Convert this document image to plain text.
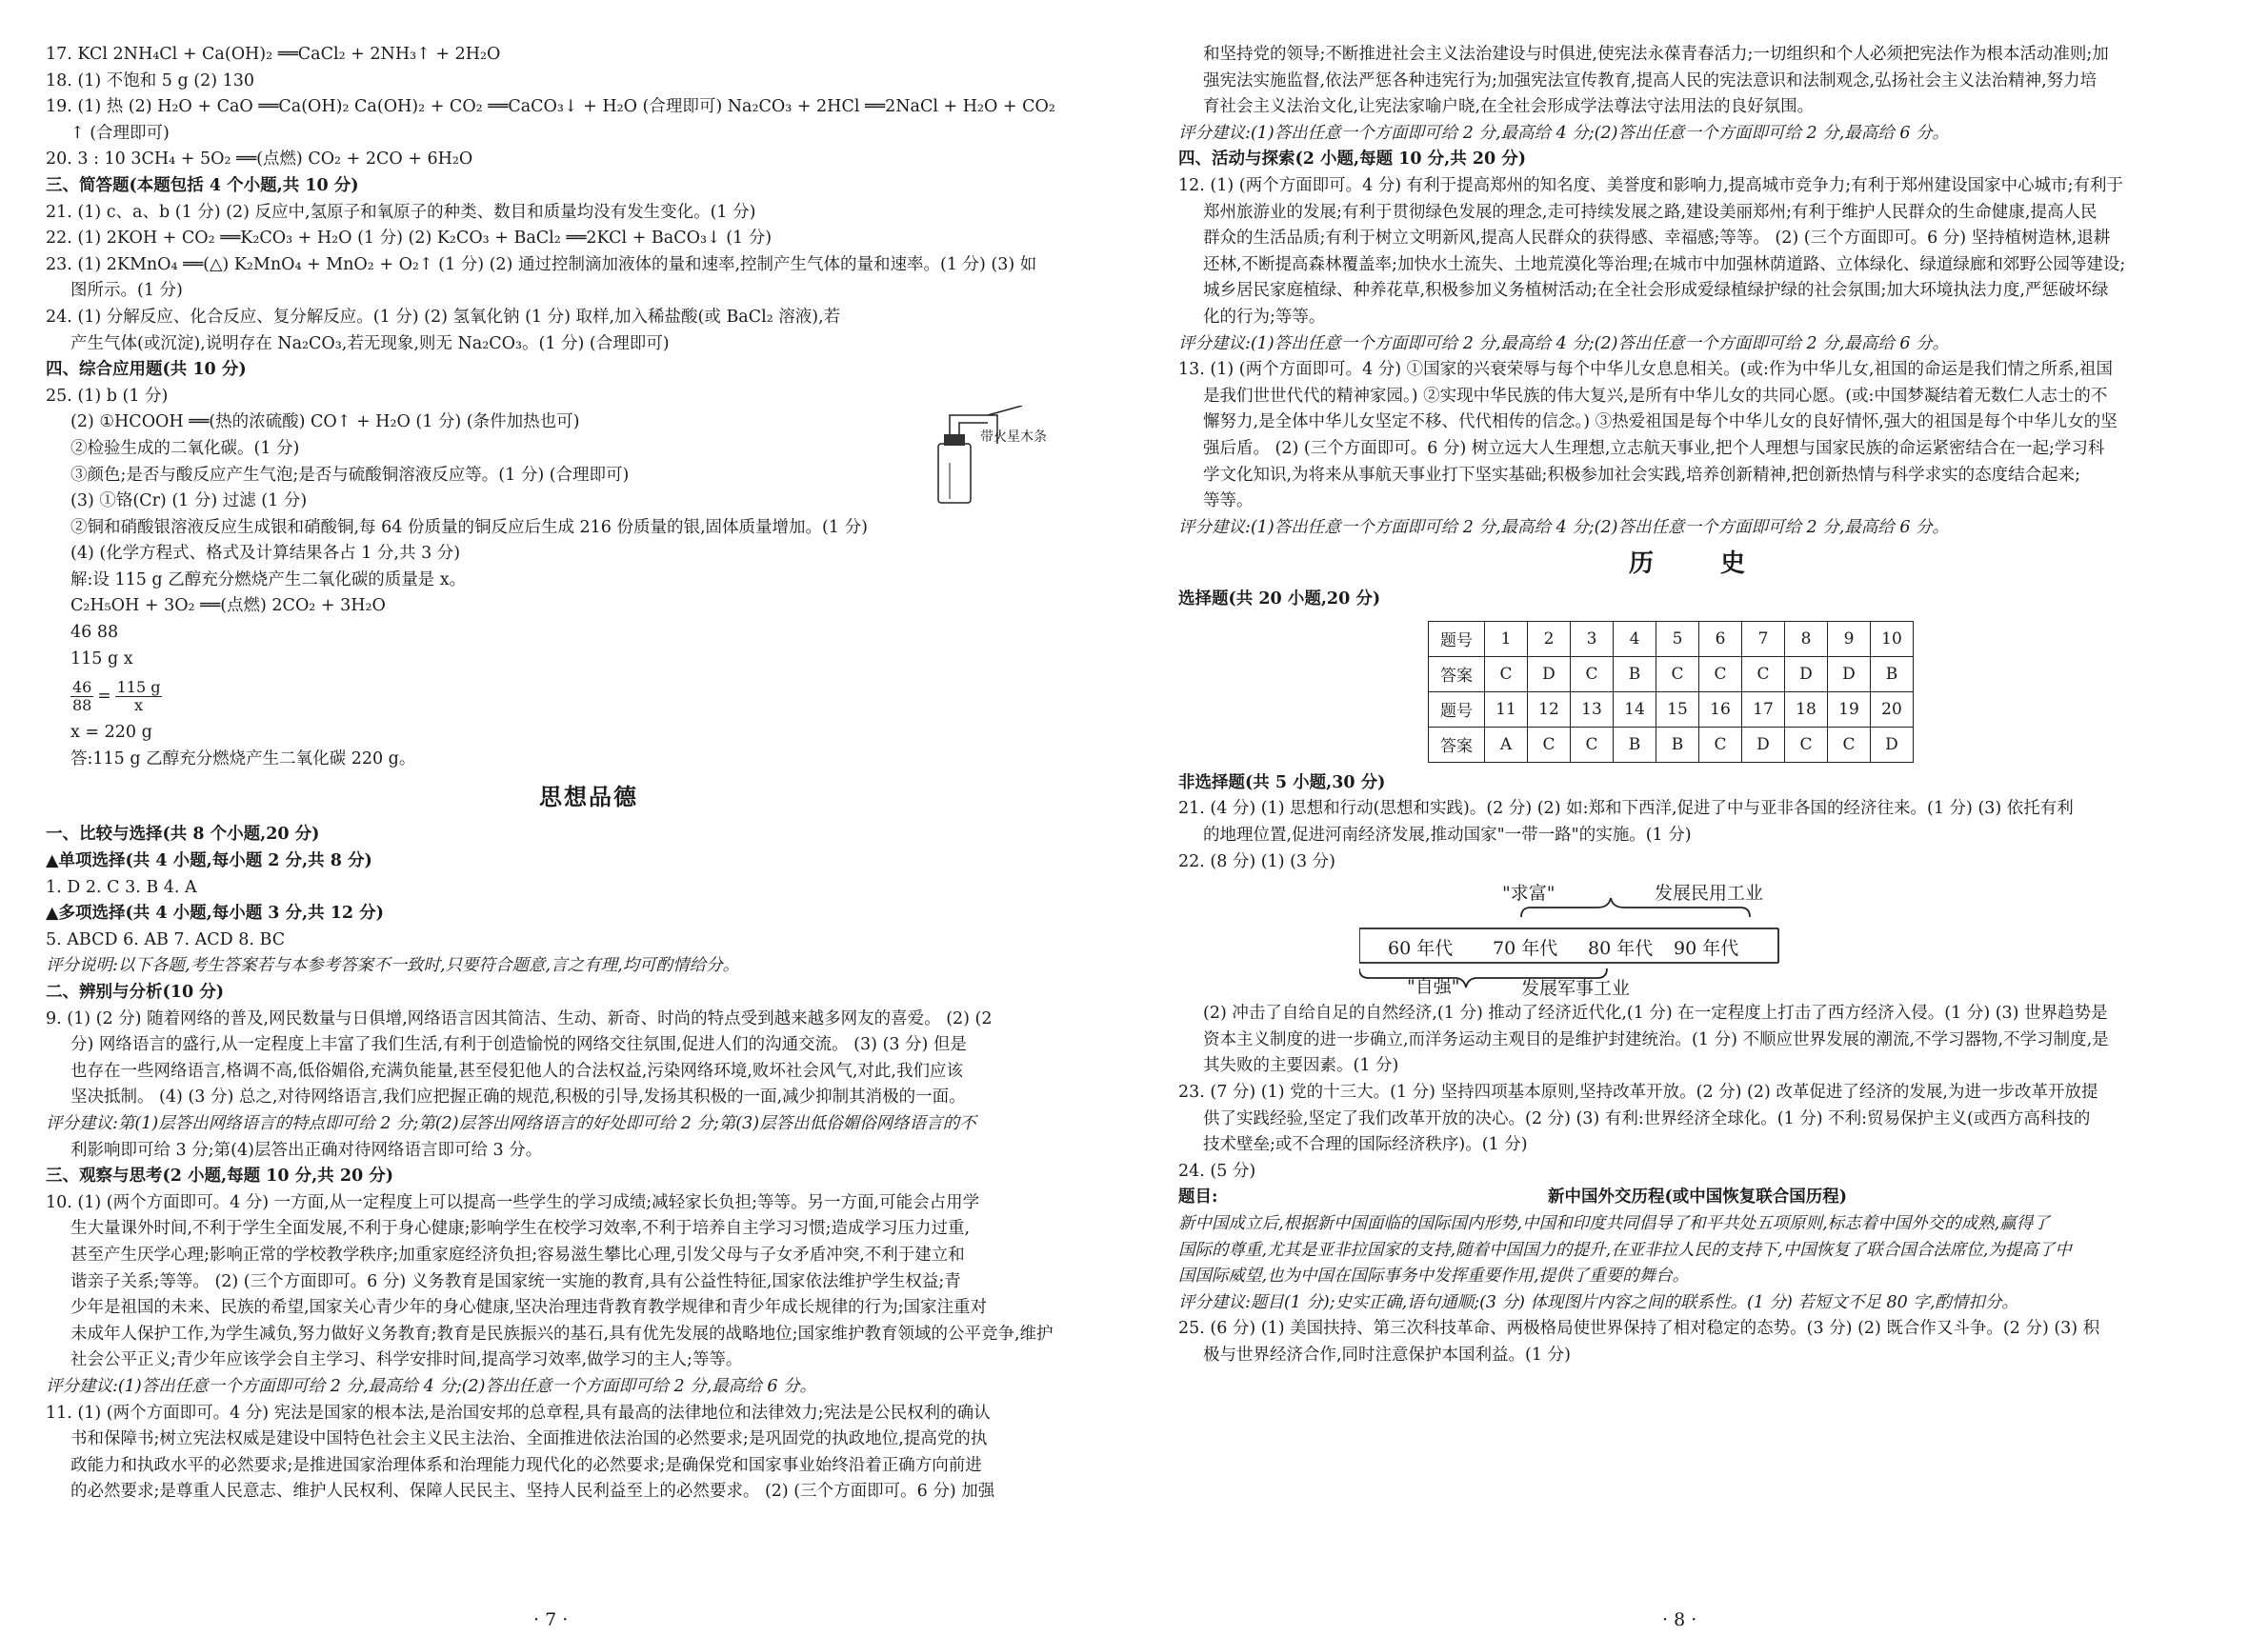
17. KCl 2NH₄Cl + Ca(OH)₂ ══CaCl₂ + 2NH₃↑ + 2H₂O
18. (1) 不饱和 5 g (2) 130
19. (1) 热 (2) H₂O + CaO ══Ca(OH)₂ Ca(OH)₂ + CO₂ ══CaCO₃↓ + H₂O (合理即可) Na₂CO₃ + 2HCl ══2NaCl + H₂O + CO₂
↑ (合理即可)
20. 3 : 10 3CH₄ + 5O₂ ══(点燃) CO₂ + 2CO + 6H₂O
三、简答题(本题包括 4 个小题,共 10 分)
21. (1) c、a、b (1 分) (2) 反应中,氢原子和氧原子的种类、数目和质量均没有发生变化。(1 分)
22. (1) 2KOH + CO₂ ══K₂CO₃ + H₂O (1 分) (2) K₂CO₃ + BaCl₂ ══2KCl + BaCO₃↓ (1 分)
23. (1) 2KMnO₄ ══(△) K₂MnO₄ + MnO₂ + O₂↑ (1 分) (2) 通过控制滴加液体的量和速率,控制产生气体的量和速率。(1 分) (3) 如
图所示。(1 分)
24. (1) 分解反应、化合反应、复分解反应。(1 分) (2) 氢氧化钠 (1 分) 取样,加入稀盐酸(或 BaCl₂ 溶液),若
产生气体(或沉淀),说明存在 Na₂CO₃,若无现象,则无 Na₂CO₃。(1 分) (合理即可)
四、综合应用题(共 10 分)
25. (1) b (1 分)
(2) ①HCOOH ══(热的浓硫酸) CO↑ + H₂O (1 分) (条件加热也可)
②检验生成的二氧化碳。(1 分)
③颜色;是否与酸反应产生气泡;是否与硫酸铜溶液反应等。(1 分) (合理即可)
(3) ①铬(Cr) (1 分) 过滤 (1 分)
②铜和硝酸银溶液反应生成银和硝酸铜,每 64 份质量的铜反应后生成 216 份质量的银,固体质量增加。(1 分)
(4) (化学方程式、格式及计算结果各占 1 分,共 3 分)
解:设 115 g 乙醇充分燃烧产生二氧化碳的质量是 x。
C₂H₅OH + 3O₂ ══(点燃) 2CO₂ + 3H₂O
46 88
115 g x
$\frac{46}{88} = \frac{115 g}{x}$
x = 220 g
答:115 g 乙醇充分燃烧产生二氧化碳 220 g。
思想品德
一、比较与选择(共 8 个小题,20 分)
▲单项选择(共 4 小题,每小题 2 分,共 8 分)
1. D 2. C 3. B 4. A
▲多项选择(共 4 小题,每小题 3 分,共 12 分)
5. ABCD 6. AB 7. ACD 8. BC
评分说明:以下各题,考生答案若与本参考答案不一致时,只要符合题意,言之有理,均可酌情给分。
二、辨别与分析(10 分)
9. (1) (2 分) 随着网络的普及,网民数量与日俱增,网络语言因其简洁、生动、新奇、时尚的特点受到越来越多网友的喜爱。 (2) (2
分) 网络语言的盛行,从一定程度上丰富了我们生活,有利于创造愉悦的网络交往氛围,促进人们的沟通交流。 (3) (3 分) 但是
也存在一些网络语言,格调不高,低俗媚俗,充满负能量,甚至侵犯他人的合法权益,污染网络环境,败坏社会风气,对此,我们应该
坚决抵制。 (4) (3 分) 总之,对待网络语言,我们应把握正确的规范,积极的引导,发扬其积极的一面,减少抑制其消极的一面。
评分建议:第(1)层答出网络语言的特点即可给 2 分;第(2)层答出网络语言的好处即可给 2 分;第(3)层答出低俗媚俗网络语言的不
利影响即可给 3 分;第(4)层答出正确对待网络语言即可给 3 分。
三、观察与思考(2 小题,每题 10 分,共 20 分)
10. (1) (两个方面即可。4 分) 一方面,从一定程度上可以提高一些学生的学习成绩;减轻家长负担;等等。另一方面,可能会占用学
生大量课外时间,不利于学生全面发展,不利于身心健康;影响学生在校学习效率,不利于培养自主学习习惯;造成学习压力过重,
甚至产生厌学心理;影响正常的学校教学秩序;加重家庭经济负担;容易滋生攀比心理,引发父母与子女矛盾冲突,不利于建立和
谐亲子关系;等等。 (2) (三个方面即可。6 分) 义务教育是国家统一实施的教育,具有公益性特征,国家依法维护学生权益;青
少年是祖国的未来、民族的希望,国家关心青少年的身心健康,坚决治理违背教育教学规律和青少年成长规律的行为;国家注重对
未成年人保护工作,为学生减负,努力做好义务教育;教育是民族振兴的基石,具有优先发展的战略地位;国家维护教育领域的公平竞争,维护
社会公平正义;青少年应该学会自主学习、科学安排时间,提高学习效率,做学习的主人;等等。
评分建议:(1)答出任意一个方面即可给 2 分,最高给 4 分;(2)答出任意一个方面即可给 2 分,最高给 6 分。
11. (1) (两个方面即可。4 分) 宪法是国家的根本法,是治国安邦的总章程,具有最高的法律地位和法律效力;宪法是公民权利的确认
书和保障书;树立宪法权威是建设中国特色社会主义民主法治、全面推进依法治国的必然要求;是巩固党的执政地位,提高党的执
政能力和执政水平的必然要求;是推进国家治理体系和治理能力现代化的必然要求;是确保党和国家事业始终沿着正确方向前进
的必然要求;是尊重人民意志、维护人民权利、保障人民民主、坚持人民利益至上的必然要求。 (2) (三个方面即可。6 分) 加强
带火星木条
· 7 ·
和坚持党的领导;不断推进社会主义法治建设与时俱进,使宪法永葆青春活力;一切组织和个人必须把宪法作为根本活动准则;加
强宪法实施监督,依法严惩各种违宪行为;加强宪法宣传教育,提高人民的宪法意识和法制观念,弘扬社会主义法治精神,努力培
育社会主义法治文化,让宪法家喻户晓,在全社会形成学法尊法守法用法的良好氛围。
评分建议:(1)答出任意一个方面即可给 2 分,最高给 4 分;(2)答出任意一个方面即可给 2 分,最高给 6 分。
四、活动与探索(2 小题,每题 10 分,共 20 分)
12. (1) (两个方面即可。4 分) 有利于提高郑州的知名度、美誉度和影响力,提高城市竞争力;有利于郑州建设国家中心城市;有利于
郑州旅游业的发展;有利于贯彻绿色发展的理念,走可持续发展之路,建设美丽郑州;有利于维护人民群众的生命健康,提高人民
群众的生活品质;有利于树立文明新风,提高人民群众的获得感、幸福感;等等。 (2) (三个方面即可。6 分) 坚持植树造林,退耕
还林,不断提高森林覆盖率;加快水土流失、土地荒漠化等治理;在城市中加强林荫道路、立体绿化、绿道绿廊和郊野公园等建设;
城乡居民家庭植绿、种养花草,积极参加义务植树活动;在全社会形成爱绿植绿护绿的社会氛围;加大环境执法力度,严惩破坏绿
化的行为;等等。
评分建议:(1)答出任意一个方面即可给 2 分,最高给 4 分;(2)答出任意一个方面即可给 2 分,最高给 6 分。
13. (1) (两个方面即可。4 分) ①国家的兴衰荣辱与每个中华儿女息息相关。(或:作为中华儿女,祖国的命运是我们情之所系,祖国
是我们世世代代的精神家园。) ②实现中华民族的伟大复兴,是所有中华儿女的共同心愿。(或:中国梦凝结着无数仁人志士的不
懈努力,是全体中华儿女坚定不移、代代相传的信念。) ③热爱祖国是每个中华儿女的良好情怀,强大的祖国是每个中华儿女的坚
强后盾。 (2) (三个方面即可。6 分) 树立远大人生理想,立志航天事业,把个人理想与国家民族的命运紧密结合在一起;学习科
学文化知识,为将来从事航天事业打下坚实基础;积极参加社会实践,培养创新精神,把创新热情与科学求实的态度结合起来;
等等。
评分建议:(1)答出任意一个方面即可给 2 分,最高给 4 分;(2)答出任意一个方面即可给 2 分,最高给 6 分。
历　史
选择题(共 20 小题,20 分)
题号	1	2	3	4	5	6	7	8	9	10
答案	C	D	C	B	C	C	C	D	D	B
题号	11	12	13	14	15	16	17	18	19	20
答案	A	C	C	B	B	C	D	C	C	D
非选择题(共 5 小题,30 分)
21. (4 分) (1) 思想和行动(思想和实践)。(2 分) (2) 如:郑和下西洋,促进了中与亚非各国的经济往来。(1 分) (3) 依托有利
的地理位置,促进河南经济发展,推动国家"一带一路"的实施。(1 分)
22. (8 分) (1) (3 分)
"求富"	发展民用工业
60 年代 70 年代 80 年代 90 年代
"自强"	发展军事工业
(2) 冲击了自给自足的自然经济,(1 分) 推动了经济近代化,(1 分) 在一定程度上打击了西方经济入侵。(1 分) (3) 世界趋势是
资本主义制度的进一步确立,而洋务运动主观目的是维护封建统治。(1 分) 不顺应世界发展的潮流,不学习器物,不学习制度,是
其失败的主要因素。(1 分)
23. (7 分) (1) 党的十三大。(1 分) 坚持四项基本原则,坚持改革开放。(2 分) (2) 改革促进了经济的发展,为进一步改革开放提
供了实践经验,坚定了我们改革开放的决心。(2 分) (3) 有利:世界经济全球化。(1 分) 不利:贸易保护主义(或西方高科技的
技术壁垒;或不合理的国际经济秩序)。(1 分)
24. (5 分)
题目:	新中国外交历程(或中国恢复联合国历程)
新中国成立后,根据新中国面临的国际国内形势,中国和印度共同倡导了和平共处五项原则,标志着中国外交的成熟,赢得了
国际的尊重,尤其是亚非拉国家的支持,随着中国国力的提升,在亚非拉人民的支持下,中国恢复了联合国合法席位,为提高了中
国国际威望,也为中国在国际事务中发挥重要作用,提供了重要的舞台。
评分建议:题目(1 分);史实正确,语句通顺;(3 分) 体现图片内容之间的联系性。(1 分) 若短文不足 80 字,酌情扣分。
25. (6 分) (1) 美国扶持、第三次科技革命、两极格局使世界保持了相对稳定的态势。(3 分) (2) 既合作又斗争。(2 分) (3) 积
极与世界经济合作,同时注意保护本国利益。(1 分)
· 8 ·
